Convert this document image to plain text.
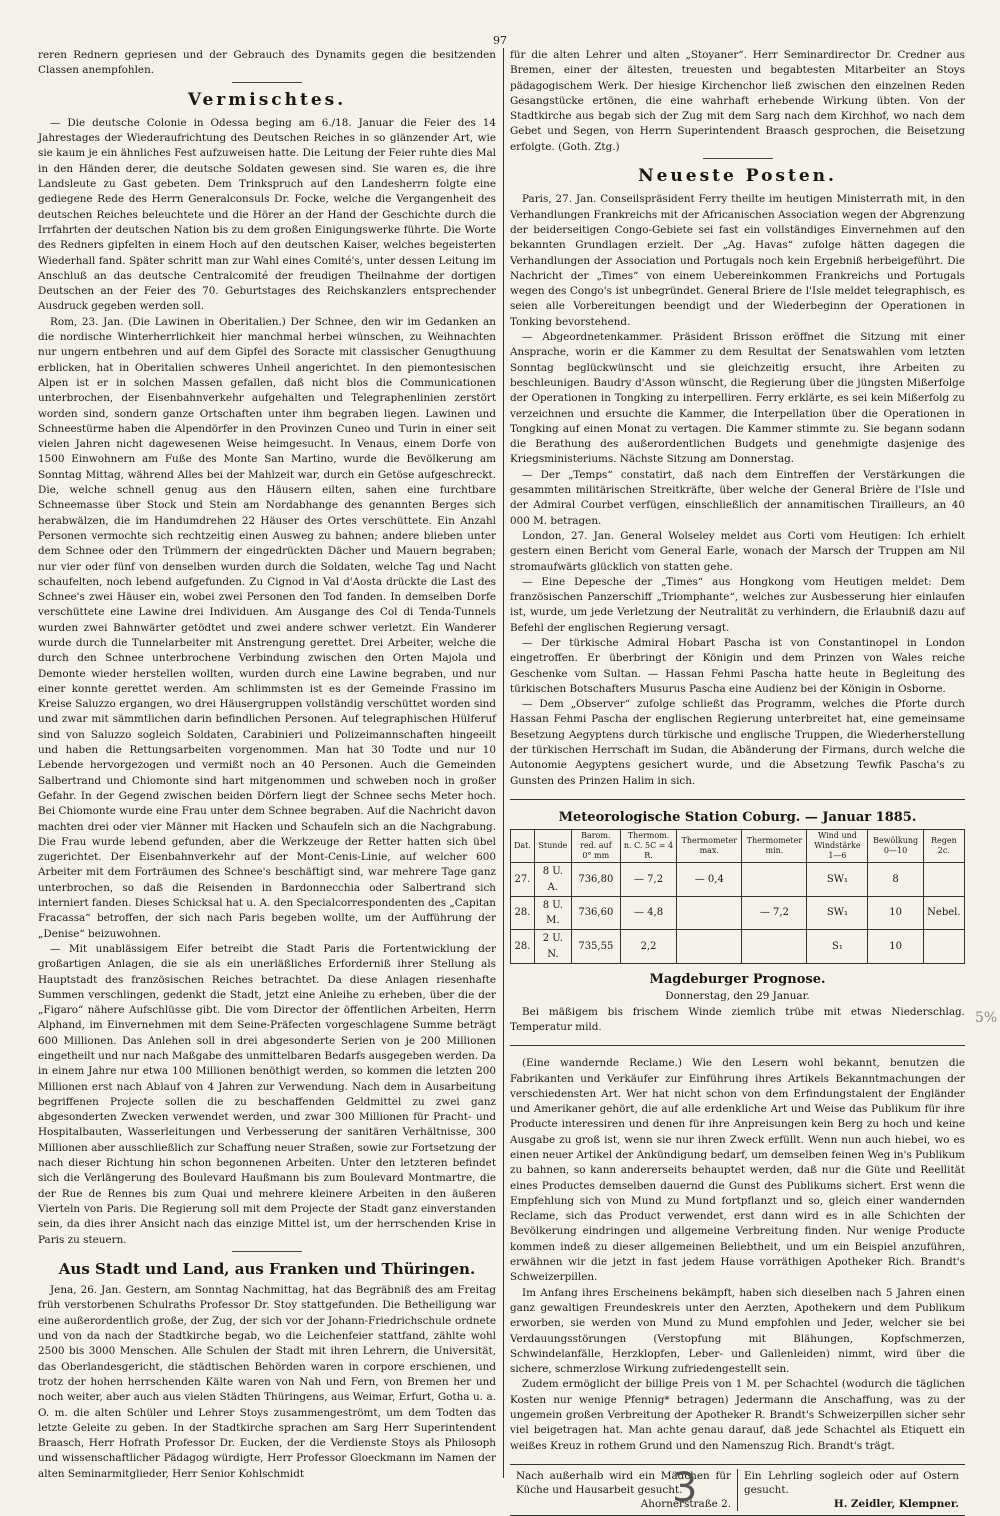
97

reren Rednern gepriesen und der Gebrauch des Dynamits gegen die besitzenden Classen anempfohlen.

Vermischtes.

— Die deutsche Colonie in Odessa beging am 6./18. Januar die Feier des 14 Jahrestages der Wiederaufrichtung des Deutschen Reiches in so glänzender Art, wie sie kaum je ein ähnliches Fest aufzuweisen hatte. Die Leitung der Feier ruhte dies Mal in den Händen derer, die deutsche Soldaten gewesen sind. Sie waren es, die ihre Landsleute zu Gast gebeten. Dem Trinkspruch auf den Landesherrn folgte eine gediegene Rede des Herrn Generalconsuls Dr. Focke, welche die Vergangenheit des deutschen Reiches beleuchtete und die Hörer an der Hand der Geschichte durch die Irrfahrten der deutschen Nation bis zu dem großen Einigungswerke führte. Die Worte des Redners gipfelten in einem Hoch auf den deutschen Kaiser, welches begeisterten Wiederhall fand. Später schritt man zur Wahl eines Comité's, unter dessen Leitung im Anschluß an das deutsche Centralcomité der freudigen Theilnahme der dortigen Deutschen an der Feier des 70. Geburtstages des Reichskanzlers entsprechender Ausdruck gegeben werden soll.

Rom, 23. Jan. (Die Lawinen in Oberitalien.) Der Schnee, den wir im Gedanken an die nordische Winterherrlichkeit hier manchmal herbei wünschen, zu Weihnachten nur ungern entbehren und auf dem Gipfel des Soracte mit classischer Genugthuung erblicken, hat in Oberitalien schweres Unheil angerichtet. In den piemontesischen Alpen ist er in solchen Massen gefallen, daß nicht blos die Communicationen unterbrochen, der Eisenbahnverkehr aufgehalten und Telegraphenlinien zerstört worden sind, sondern ganze Ortschaften unter ihm begraben liegen. Lawinen und Schneestürme haben die Alpendörfer in den Provinzen Cuneo und Turin in einer seit vielen Jahren nicht dagewesenen Weise heimgesucht. In Venaus, einem Dorfe von 1500 Einwohnern am Fuße des Monte San Martino, wurde die Bevölkerung am Sonntag Mittag, während Alles bei der Mahlzeit war, durch ein Getöse aufgeschreckt. Die, welche schnell genug aus den Häusern eilten, sahen eine furchtbare Schneemasse über Stock und Stein am Nordabhange des genannten Berges sich herabwälzen, die im Handumdrehen 22 Häuser des Ortes verschüttete. Ein Anzahl Personen vermochte sich rechtzeitig einen Ausweg zu bahnen; andere blieben unter dem Schnee oder den Trümmern der eingedrückten Dächer und Mauern begraben; nur vier oder fünf von denselben wurden durch die Soldaten, welche Tag und Nacht schaufelten, noch lebend aufgefunden. Zu Cignod in Val d'Aosta drückte die Last des Schnee's zwei Häuser ein, wobei zwei Personen den Tod fanden. In demselben Dorfe verschüttete eine Lawine drei Individuen. Am Ausgange des Col di Tenda-Tunnels wurden zwei Bahnwärter getödtet und zwei andere schwer verletzt. Ein Wanderer wurde durch die Tunnelarbeiter mit Anstrengung gerettet. Drei Arbeiter, welche die durch den Schnee unterbrochene Verbindung zwischen den Orten Majola und Demonte wieder herstellen wollten, wurden durch eine Lawine begraben, und nur einer konnte gerettet werden. Am schlimmsten ist es der Gemeinde Frassino im Kreise Saluzzo ergangen, wo drei Häusergruppen vollständig verschüttet worden sind und zwar mit sämmtlichen darin befindlichen Personen. Auf telegraphischen Hülferuf sind von Saluzzo sogleich Soldaten, Carabinieri und Polizeimannschaften hingeeilt und haben die Rettungsarbeiten vorgenommen. Man hat 30 Todte und nur 10 Lebende hervorgezogen und vermißt noch an 40 Personen. Auch die Gemeinden Salbertrand und Chiomonte sind hart mitgenommen und schweben noch in großer Gefahr. In der Gegend zwischen beiden Dörfern liegt der Schnee sechs Meter hoch. Bei Chiomonte wurde eine Frau unter dem Schnee begraben. Auf die Nachricht davon machten drei oder vier Männer mit Hacken und Schaufeln sich an die Nachgrabung. Die Frau wurde lebend gefunden, aber die Werkzeuge der Retter hatten sich übel zugerichtet. Der Eisenbahnverkehr auf der Mont-Cenis-Linie, auf welcher 600 Arbeiter mit dem Forträumen des Schnee's beschäftigt sind, war mehrere Tage ganz unterbrochen, so daß die Reisenden in Bardonnecchia oder Salbertrand sich interniert fanden. Dieses Schicksal hat u. A. den Specialcorrespondenten des „Capitan Fracassa“ betroffen, der sich nach Paris begeben wollte, um der Aufführung der „Denise“ beizuwohnen.

— Mit unablässigem Eifer betreibt die Stadt Paris die Fortentwicklung der großartigen Anlagen, die sie als ein unerläßliches Erforderniß ihrer Stellung als Hauptstadt des französischen Reiches betrachtet. Da diese Anlagen riesenhafte Summen verschlingen, gedenkt die Stadt, jetzt eine Anleihe zu erheben, über die der „Figaro“ nähere Aufschlüsse gibt. Die vom Director der öffentlichen Arbeiten, Herrn Alphand, im Einvernehmen mit dem Seine-Präfecten vorgeschlagene Summe beträgt 600 Millionen. Das Anlehen soll in drei abgesonderte Serien von je 200 Millionen eingetheilt und nur nach Maßgabe des unmittelbaren Bedarfs ausgegeben werden. Da in einem Jahre nur etwa 100 Millionen benöthigt werden, so kommen die letzten 200 Millionen erst nach Ablauf von 4 Jahren zur Verwendung. Nach dem in Ausarbeitung begriffenen Projecte sollen die zu beschaffenden Geldmittel zu zwei ganz abgesonderten Zwecken verwendet werden, und zwar 300 Millionen für Pracht- und Hospitalbauten, Wasserleitungen und Verbesserung der sanitären Verhältnisse, 300 Millionen aber ausschließlich zur Schaffung neuer Straßen, sowie zur Fortsetzung der nach dieser Richtung hin schon begonnenen Arbeiten. Unter den letzteren befindet sich die Verlängerung des Boulevard Haußmann bis zum Boulevard Montmartre, die der Rue de Rennes bis zum Quai und mehrere kleinere Arbeiten in den äußeren Vierteln von Paris. Die Regierung soll mit dem Projecte der Stadt ganz einverstanden sein, da dies ihrer Ansicht nach das einzige Mittel ist, um der herrschenden Krise in Paris zu steuern.

Aus Stadt und Land, aus Franken und Thüringen.

Jena, 26. Jan. Gestern, am Sonntag Nachmittag, hat das Begräbniß des am Freitag früh verstorbenen Schulraths Professor Dr. Stoy stattgefunden. Die Betheiligung war eine außerordentlich große, der Zug, der sich vor der Johann-Friedrichschule ordnete und von da nach der Stadtkirche begab, wo die Leichenfeier stattfand, zählte wohl 2500 bis 3000 Menschen. Alle Schulen der Stadt mit ihren Lehrern, die Universität, das Oberlandesgericht, die städtischen Behörden waren in corpore erschienen, und trotz der hohen herrschenden Kälte waren von Nah und Fern, von Bremen her und noch weiter, aber auch aus vielen Städten Thüringens, aus Weimar, Erfurt, Gotha u. a. O. m. die alten Schüler und Lehrer Stoys zusammengeströmt, um dem Todten das letzte Geleite zu geben. In der Stadtkirche sprachen am Sarg Herr Superintendent Braasch, Herr Hofrath Professor Dr. Eucken, der die Verdienste Stoys als Philosoph und wissenschaftlicher Pädagog würdigte, Herr Professor Gloeckmann im Namen der alten Seminarmitglieder, Herr Senior Kohlschmidt

für die alten Lehrer und alten „Stoyaner“. Herr Seminardirector Dr. Credner aus Bremen, einer der ältesten, treuesten und begabtesten Mitarbeiter an Stoys pädagogischem Werk. Der hiesige Kirchenchor ließ zwischen den einzelnen Reden Gesangstücke ertönen, die eine wahrhaft erhebende Wirkung übten. Von der Stadtkirche aus begab sich der Zug mit dem Sarg nach dem Kirchhof, wo nach dem Gebet und Segen, von Herrn Superintendent Braasch gesprochen, die Beisetzung erfolgte. (Goth. Ztg.)

Neueste Posten.

Paris, 27. Jan. Conseilspräsident Ferry theilte im heutigen Ministerrath mit, in den Verhandlungen Frankreichs mit der Africanischen Association wegen der Abgrenzung der beiderseitigen Congo-Gebiete sei fast ein vollständiges Einvernehmen auf den bekannten Grundlagen erzielt. Der „Ag. Havas“ zufolge hätten dagegen die Verhandlungen der Association und Portugals noch kein Ergebniß herbeigeführt. Die Nachricht der „Times“ von einem Uebereinkommen Frankreichs und Portugals wegen des Congo's ist unbegründet. General Briere de l'Isle meldet telegraphisch, es seien alle Vorbereitungen beendigt und der Wiederbeginn der Operationen in Tonking bevorstehend.

— Abgeordnetenkammer. Präsident Brisson eröffnet die Sitzung mit einer Ansprache, worin er die Kammer zu dem Resultat der Senatswahlen vom letzten Sonntag beglückwünscht und sie gleichzeitig ersucht, ihre Arbeiten zu beschleunigen. Baudry d'Asson wünscht, die Regierung über die jüngsten Mißerfolge der Operationen in Tongking zu interpelliren. Ferry erklärte, es sei kein Mißerfolg zu verzeichnen und ersuchte die Kammer, die Interpellation über die Operationen in Tongking auf einen Monat zu vertagen. Die Kammer stimmte zu. Sie begann sodann die Berathung des außerordentlichen Budgets und genehmigte dasjenige des Kriegsministeriums. Nächste Sitzung am Donnerstag.

— Der „Temps“ constatirt, daß nach dem Eintreffen der Verstärkungen die gesammten militärischen Streitkräfte, über welche der General Brière de l'Isle und der Admiral Courbet verfügen, einschließlich der annamitischen Tirailleurs, an 40 000 M. betragen.

London, 27. Jan. General Wolseley meldet aus Corti vom Heutigen: Ich erhielt gestern einen Bericht vom General Earle, wonach der Marsch der Truppen am Nil stromaufwärts glücklich von statten gehe.

— Eine Depesche der „Times“ aus Hongkong vom Heutigen meldet: Dem französischen Panzerschiff „Triomphante“, welches zur Ausbesserung hier einlaufen ist, wurde, um jede Verletzung der Neutralität zu verhindern, die Erlaubniß dazu auf Befehl der englischen Regierung versagt.

— Der türkische Admiral Hobart Pascha ist von Constantinopel in London eingetroffen. Er überbringt der Königin und dem Prinzen von Wales reiche Geschenke vom Sultan. — Hassan Fehmi Pascha hatte heute in Begleitung des türkischen Botschafters Musurus Pascha eine Audienz bei der Königin in Osborne.

— Dem „Observer“ zufolge schließt das Programm, welches die Pforte durch Hassan Fehmi Pascha der englischen Regierung unterbreitet hat, eine gemeinsame Besetzung Aegyptens durch türkische und englische Truppen, die Wiederherstellung der türkischen Herrschaft im Sudan, die Abänderung der Firmans, durch welche die Autonomie Aegyptens gesichert wurde, und die Absetzung Tewfik Pascha's zu Gunsten des Prinzen Halim in sich.

Meteorologische Station Coburg. — Januar 1885.
Dat.	Stunde	Barom. red. auf 0° mm	Thermom. n. C. 5C = 4 R.	Thermometer max.	Thermometer min.	Wind und Windstärke 1—6	Bewölkung 0—10	Regen 2c.
27.	8 U. A.	736,80	— 7,2	— 0,4		SW₁	8	
28.	8 U. M.	736,60	— 4,8		— 7,2	SW₁	10	Nebel.
28.	2 U. N.	735,55	2,2			S₁	10	
Magdeburger Prognose.

Donnerstag, den 29 Januar.

Bei mäßigem bis frischem Winde ziemlich trübe mit etwas Niederschlag. Temperatur mild.

(Eine wandernde Reclame.) Wie den Lesern wohl bekannt, benutzen die Fabrikanten und Verkäufer zur Einführung ihres Artikels Bekanntmachungen der verschiedensten Art. Wer hat nicht schon von dem Erfindungstalent der Engländer und Amerikaner gehört, die auf alle erdenkliche Art und Weise das Publikum für ihre Producte interessiren und denen für ihre Anpreisungen kein Berg zu hoch und keine Ausgabe zu groß ist, wenn sie nur ihren Zweck erfüllt. Wenn nun auch hiebei, wo es einen neuer Artikel der Ankündigung bedarf, um demselben feinen Weg in's Publikum zu bahnen, so kann andererseits behauptet werden, daß nur die Güte und Reellität eines Productes demselben dauernd die Gunst des Publikums sichert. Erst wenn die Empfehlung sich von Mund zu Mund fortpflanzt und so, gleich einer wandernden Reclame, sich das Product verwendet, erst dann wird es in alle Schichten der Bevölkerung eindringen und allgemeine Verbreitung finden. Nur wenige Producte kommen indeß zu dieser allgemeinen Beliebtheit, und um ein Beispiel anzuführen, erwähnen wir die jetzt in fast jedem Hause vorräthigen Apotheker Rich. Brandt's Schweizerpillen.

Im Anfang ihres Erscheinens bekämpft, haben sich dieselben nach 5 Jahren einen ganz gewaltigen Freundeskreis unter den Aerzten, Apothekern und dem Publikum erworben, sie werden von Mund zu Mund empfohlen und Jeder, welcher sie bei Verdauungsstörungen (Verstopfung mit Blähungen, Kopfschmerzen, Schwindelanfälle, Herzklopfen, Leber- und Gallenleiden) nimmt, wird über die sichere, schmerzlose Wirkung zufriedengestellt sein.

Zudem ermöglicht der billige Preis von 1 M. per Schachtel (wodurch die täglichen Kosten nur wenige Pfennig* betragen) Jedermann die Anschaffung, was zu der ungemein großen Verbreitung der Apotheker R. Brandt's Schweizerpillen sicher sehr viel beigetragen hat. Man achte genau darauf, daß jede Schachtel als Etiquett ein weißes Kreuz in rothem Grund und den Namenszug Rich. Brandt's trägt.

Nach außerhalb wird ein Mädchen für Küche und Hausarbeit gesucht.
Ahornerstraße 2.
Ein Lehrling sogleich oder auf Ostern gesucht.
H. Zeidler, Klempner.
3
5%
